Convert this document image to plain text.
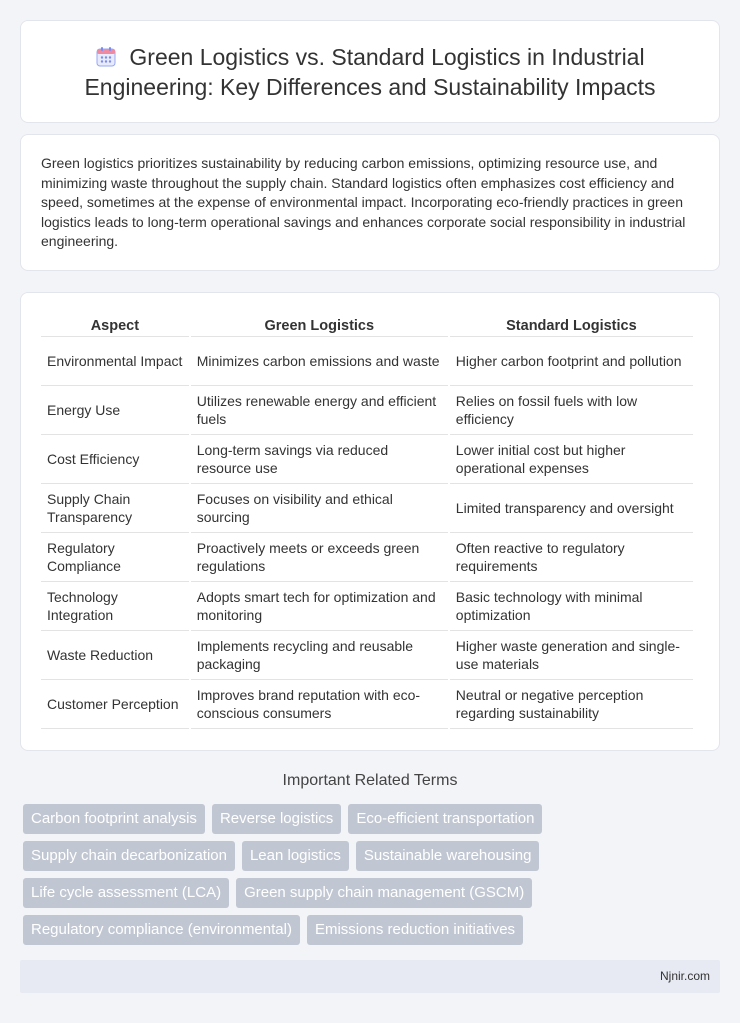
Green Logistics vs. Standard Logistics in Industrial Engineering: Key Differences and Sustainability Impacts

Green logistics prioritizes sustainability by reducing carbon emissions, optimizing resource use, and minimizing waste throughout the supply chain. Standard logistics often emphasizes cost efficiency and speed, sometimes at the expense of environmental impact. Incorporating eco-friendly practices in green logistics leads to long-term operational savings and enhances corporate social responsibility in industrial engineering.

Aspect	Green Logistics	Standard Logistics
Environmental Impact	Minimizes carbon emissions and waste	Higher carbon footprint and pollution
Energy Use	Utilizes renewable energy and efficient fuels	Relies on fossil fuels with low efficiency
Cost Efficiency	Long-term savings via reduced resource use	Lower initial cost but higher operational expenses
Supply Chain Transparency	Focuses on visibility and ethical sourcing	Limited transparency and oversight
Regulatory Compliance	Proactively meets or exceeds green regulations	Often reactive to regulatory requirements
Technology Integration	Adopts smart tech for optimization and monitoring	Basic technology with minimal optimization
Waste Reduction	Implements recycling and reusable packaging	Higher waste generation and single-use materials
Customer Perception	Improves brand reputation with eco-conscious consumers	Neutral or negative perception regarding sustainability
Important Related Terms
Carbon footprint analysis	Reverse logistics	Eco-efficient transportation
Supply chain decarbonization	Lean logistics	Sustainable warehousing
Life cycle assessment (LCA)	Green supply chain management (GSCM)
Regulatory compliance (environmental)	Emissions reduction initiatives
Njnir.com
